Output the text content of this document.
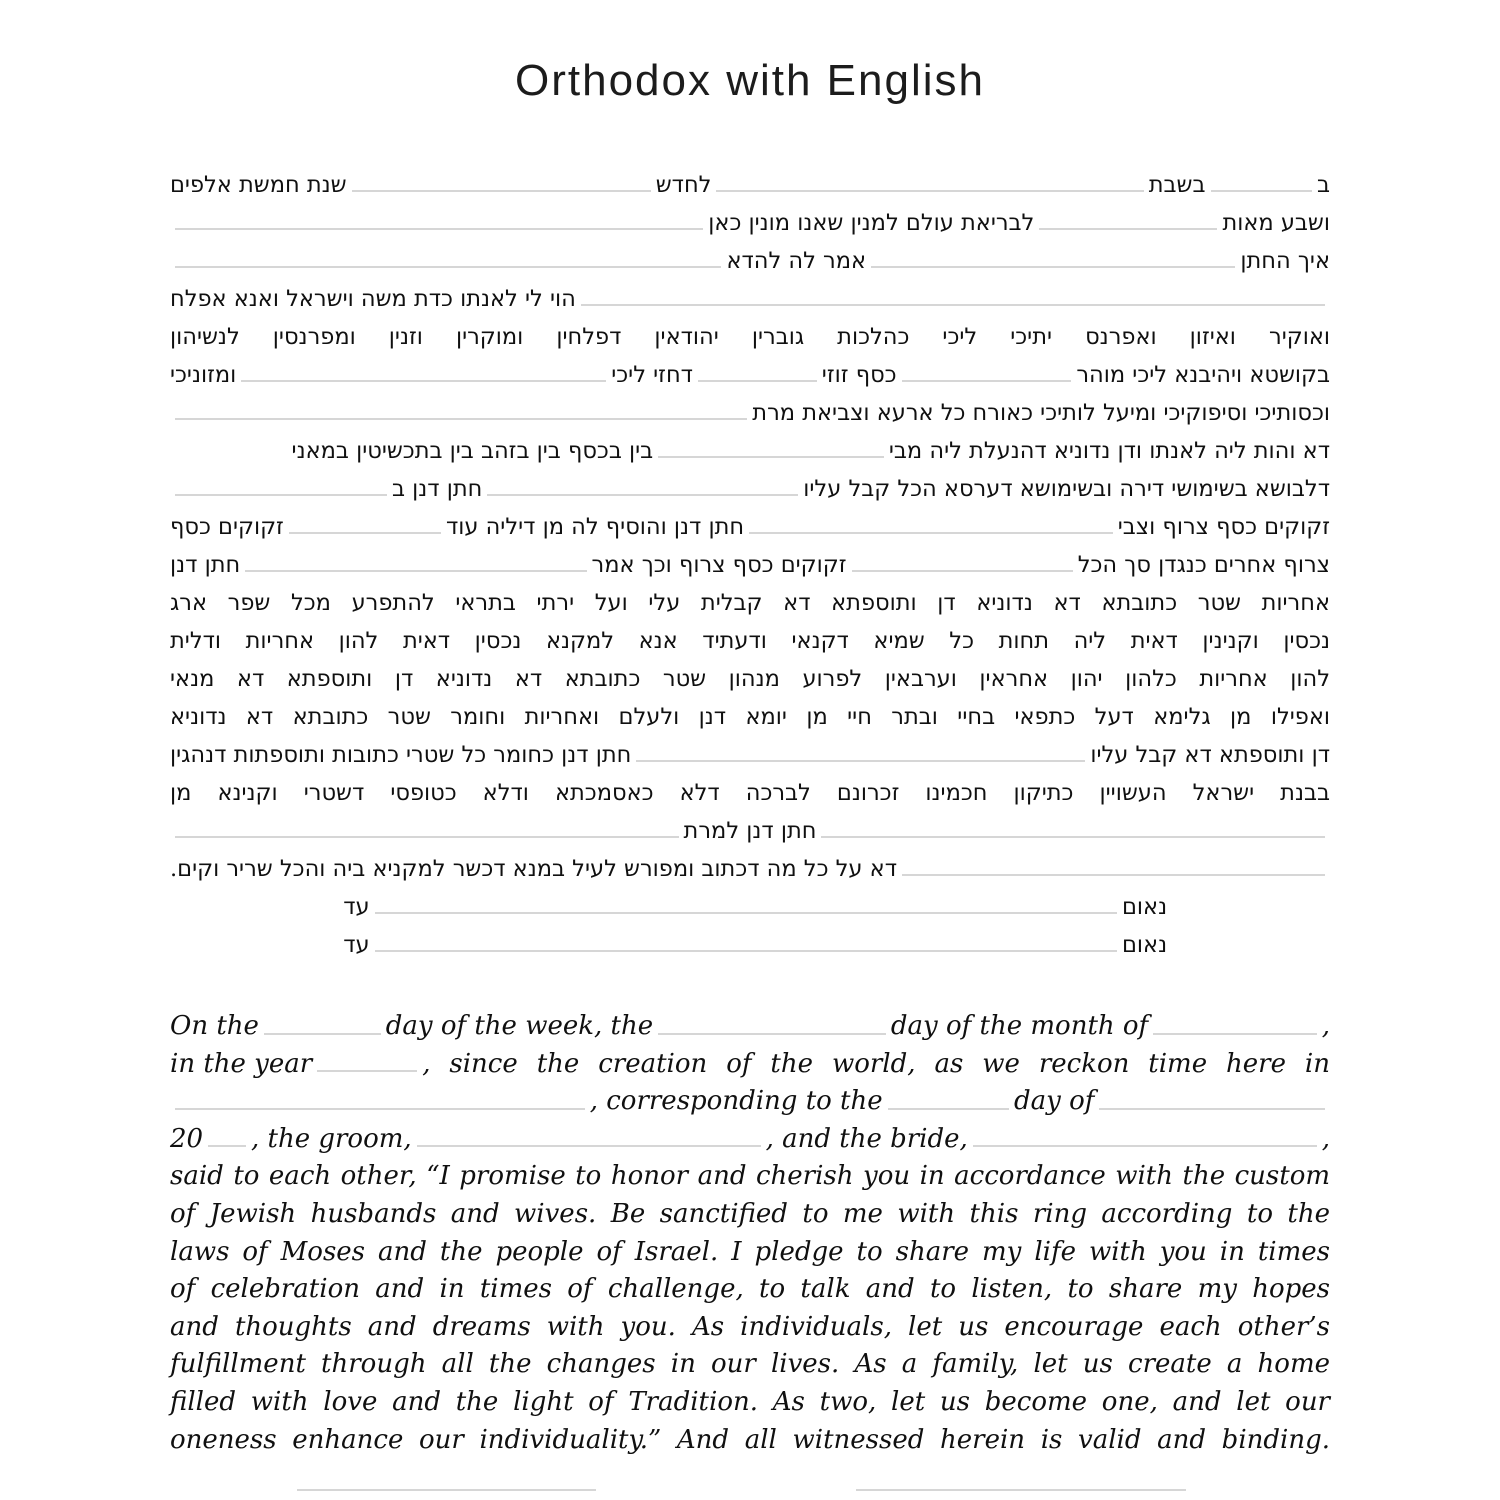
Orthodox with English
ב
בשבת
לחדש
שנת חמשת אלפים
ושבע מאות
לבריאת עולם למנין שאנו מונין כאן
איך החתן
אמר לה להדא
הוי לי לאנתו כדת משה וישראל ואנא אפלח
ואוקיר ואיזון ואפרנס יתיכי ליכי כהלכות גוברין יהודאין דפלחין ומוקרין וזנין ומפרנסין לנשיהון
בקושטא ויהיבנא ליכי מוהר
כסף זוזי
דחזי ליכי
ומזוניכי
וכסותיכי וסיפוקיכי ומיעל לותיכי כאורח כל ארעא וצביאת מרת
דא והות ליה לאנתו ודן נדוניא דהנעלת ליה מבי
בין בכסף בין בזהב בין בתכשיטין במאני
דלבושא בשימושי דירה ובשימושא דערסא הכל קבל עליו
חתן דנן ב
זקוקים כסף צרוף וצבי
חתן דנן והוסיף לה מן דיליה עוד
זקוקים כסף
צרוף אחרים כנגדן סך הכל
זקוקים כסף צרוף וכך אמר
חתן דנן
אחריות שטר כתובתא דא נדוניא דן ותוספתא דא קבלית עלי ועל ירתי בתראי להתפרע מכל שפר ארג
נכסין וקנינין דאית ליה תחות כל שמיא דקנאי ודעתיד אנא למקנא נכסין דאית להון אחריות ודלית
להון אחריות כלהון יהון אחראין וערבאין לפרוע מנהון שטר כתובתא דא נדוניא דן ותוספתא דא מנאי
ואפילו מן גלימא דעל כתפאי בחיי ובתר חיי מן יומא דנן ולעלם ואחריות וחומר שטר כתובתא דא נדוניא
דן ותוספתא דא קבל עליו
חתן דנן כחומר כל שטרי כתובות ותוספתות דנהגין
בבנת ישראל העשויין כתיקון חכמינו זכרונם לברכה דלא כאסמכתא ודלא כטופסי דשטרי וקנינא מן
חתן דנן למרת
דא על כל מה דכתוב ומפורש לעיל במנא דכשר למקניא ביה והכל שריר וקים.
נאום
עד
נאום
עד
On the	day of the week, the	day of the month of	,
in the year	, since the creation of the world, as we reckon time here in
, corresponding to the	day of
20 , the groom,	, and the bride,	,
said to each other, “I promise to honor and cherish you in accordance with the custom
of Jewish husbands and wives. Be sanctified to me with this ring according to the
laws of Moses and the people of Israel. I pledge to share my life with you in times
of celebration and in times of challenge, to talk and to listen, to share my hopes
and thoughts and dreams with you. As individuals, let us encourage each other’s
fulfillment through all the changes in our lives. As a family, let us create a home
filled with love and the light of Tradition. As two, let us become one, and let our
oneness enhance our individuality.” And all witnessed herein is valid and binding.
